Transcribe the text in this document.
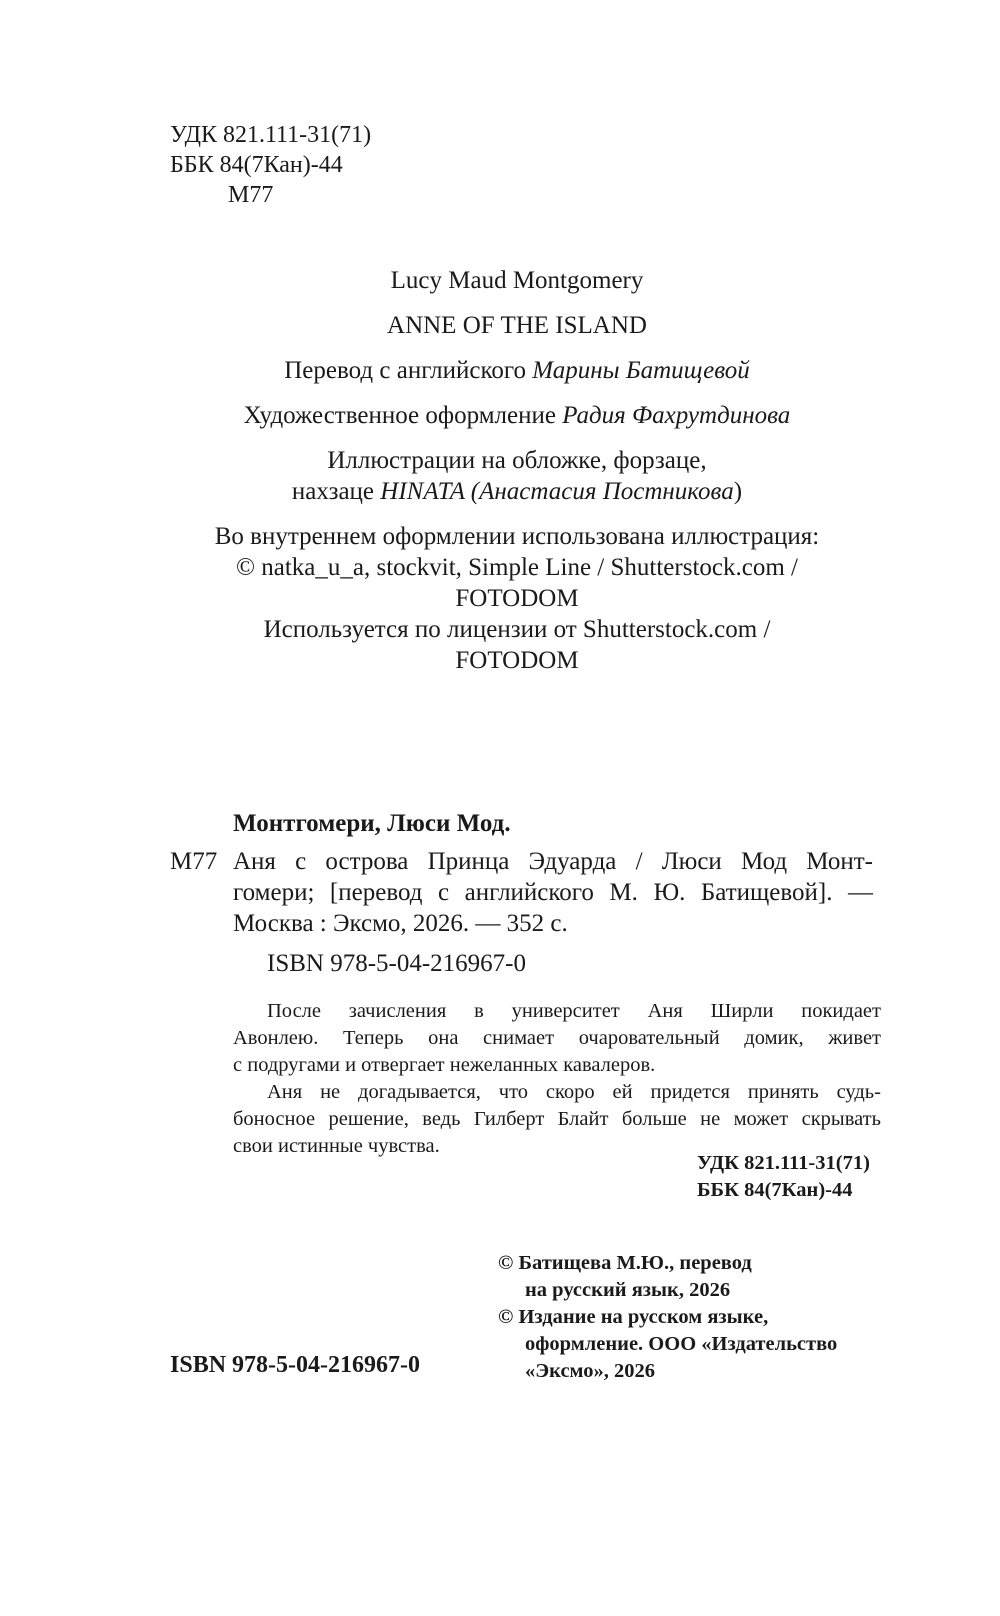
УДК 821.111-31(71)
ББК 84(7Кан)-44
М77
Lucy Maud Montgomery
ANNE OF THE ISLAND
Перевод с английского Марины Батищевой
Художественное оформление Радия Фахрутдинова
Иллюстрации на обложке, форзаце,
нахзаце HINATA (Анастасия Постникова)
Во внутреннем оформлении использована иллюстрация:
© natka_u_a, stockvit, Simple Line / Shutterstock.com /
FOTODOM
Используется по лицензии от Shutterstock.com /
FOTODOM
Монтгомери, Люси Мод.
М77 Аня с острова Принца Эдуарда / Люси Мод Монт-
гомери; [перевод с английского М. Ю. Батищевой]. —
Москва : Эксмо, 2026. — 352 с.
ISBN 978-5-04-216967-0
После зачисления в университет Аня Ширли покидает
Авонлею. Теперь она снимает очаровательный домик, живет
с подругами и отвергает нежеланных кавалеров.
Аня не догадывается, что скоро ей придется принять судь-
боносное решение, ведь Гилберт Блайт больше не может скрывать
свои истинные чувства.
УДК 821.111-31(71)
ББК 84(7Кан)-44
© Батищева М.Ю., перевод
на русский язык, 2026
© Издание на русском языке,
оформление. ООО «Издательство
«Эксмо», 2026
ISBN 978-5-04-216967-0
